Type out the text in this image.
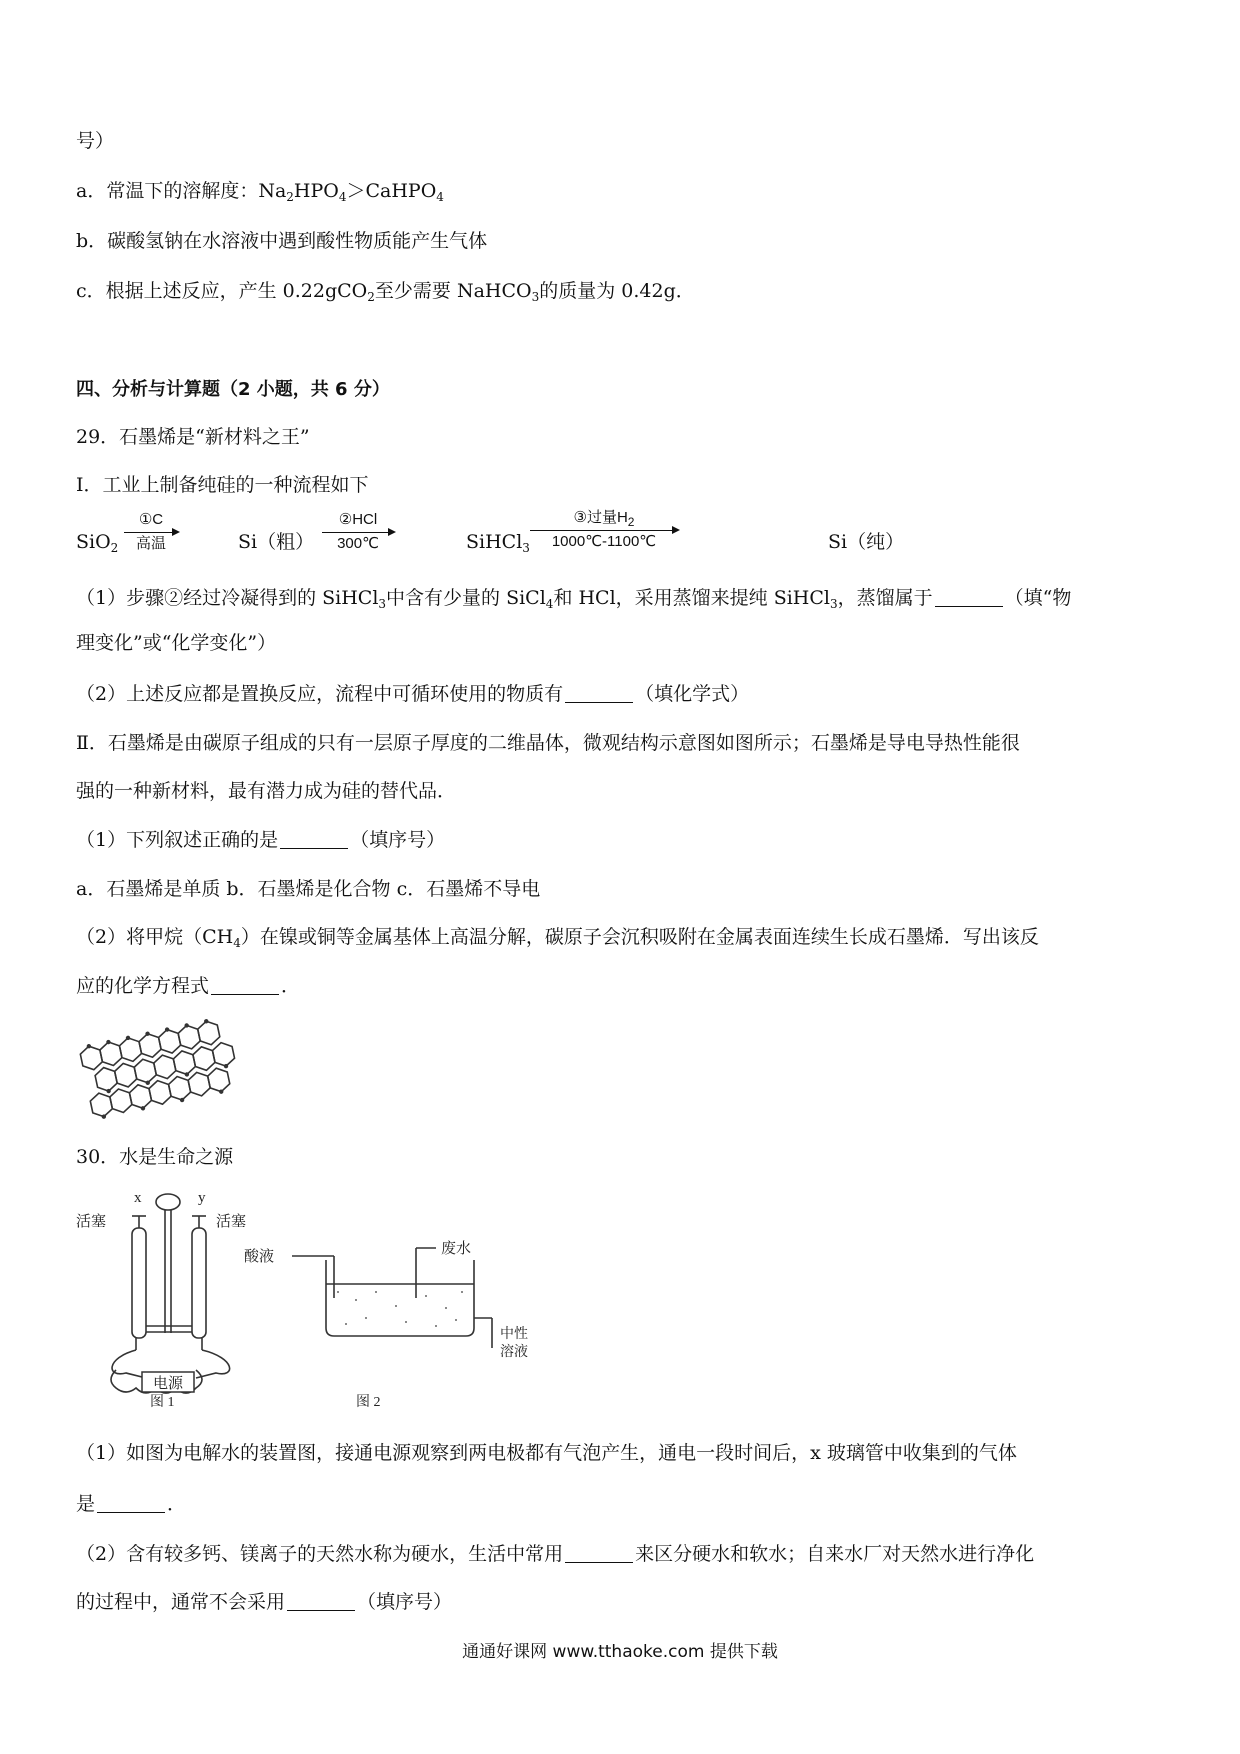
号）
a．常温下的溶解度：$Na_2HPO_4>CaHPO_4$
b．碳酸氢钠在水溶液中遇到酸性物质能产生气体
c．根据上述反应，产生 0.22gCO$_2$至少需要 NaHCO$_3$的质量为 0.42g．
四、分析与计算题（2 小题，共 6 分）
29．石墨烯是“新材料之王”
I．工业上制备纯硅的一种流程如下
SiO$_2$
①C
高温	Si（粗）
②HCl
300℃	SiHCl$_3$
③过量$H_2$
1000℃-1100℃	Si（纯）
（1）步骤②经过冷凝得到的 SiHCl$_3$中含有少量的 SiCl$_4$和 HCl，采用蒸馏来提纯 SiHCl$_3$，蒸馏属于	（填“物
理变化”或“化学变化”）
（2）上述反应都是置换反应，流程中可循环使用的物质有	（填化学式）
Ⅱ．石墨烯是由碳原子组成的只有一层原子厚度的二维晶体，微观结构示意图如图所示；石墨烯是导电导热性能很
强的一种新材料，最有潜力成为硅的替代品．
（1）下列叙述正确的是	（填序号）
a．石墨烯是单质 b．石墨烯是化合物 c．石墨烯不导电
（2）将甲烷$(CH_4)$在镍或铜等金属基体上高温分解，碳原子会沉积吸附在金属表面连续生长成石墨烯．写出该反
应的化学方程式	．
30．水是生命之源
x	y
活塞	活塞
电源
图 1
酸液	废水
中性
溶液
图 2
（1）如图为电解水的装置图，接通电源观察到两电极都有气泡产生，通电一段时间后，x 玻璃管中收集到的气体
是	．
（2）含有较多钙、镁离子的天然水称为硬水，生活中常用	来区分硬水和软水；自来水厂对天然水进行净化
的过程中，通常不会采用	（填序号）
通通好课网 www.tthaoke.com 提供下载
